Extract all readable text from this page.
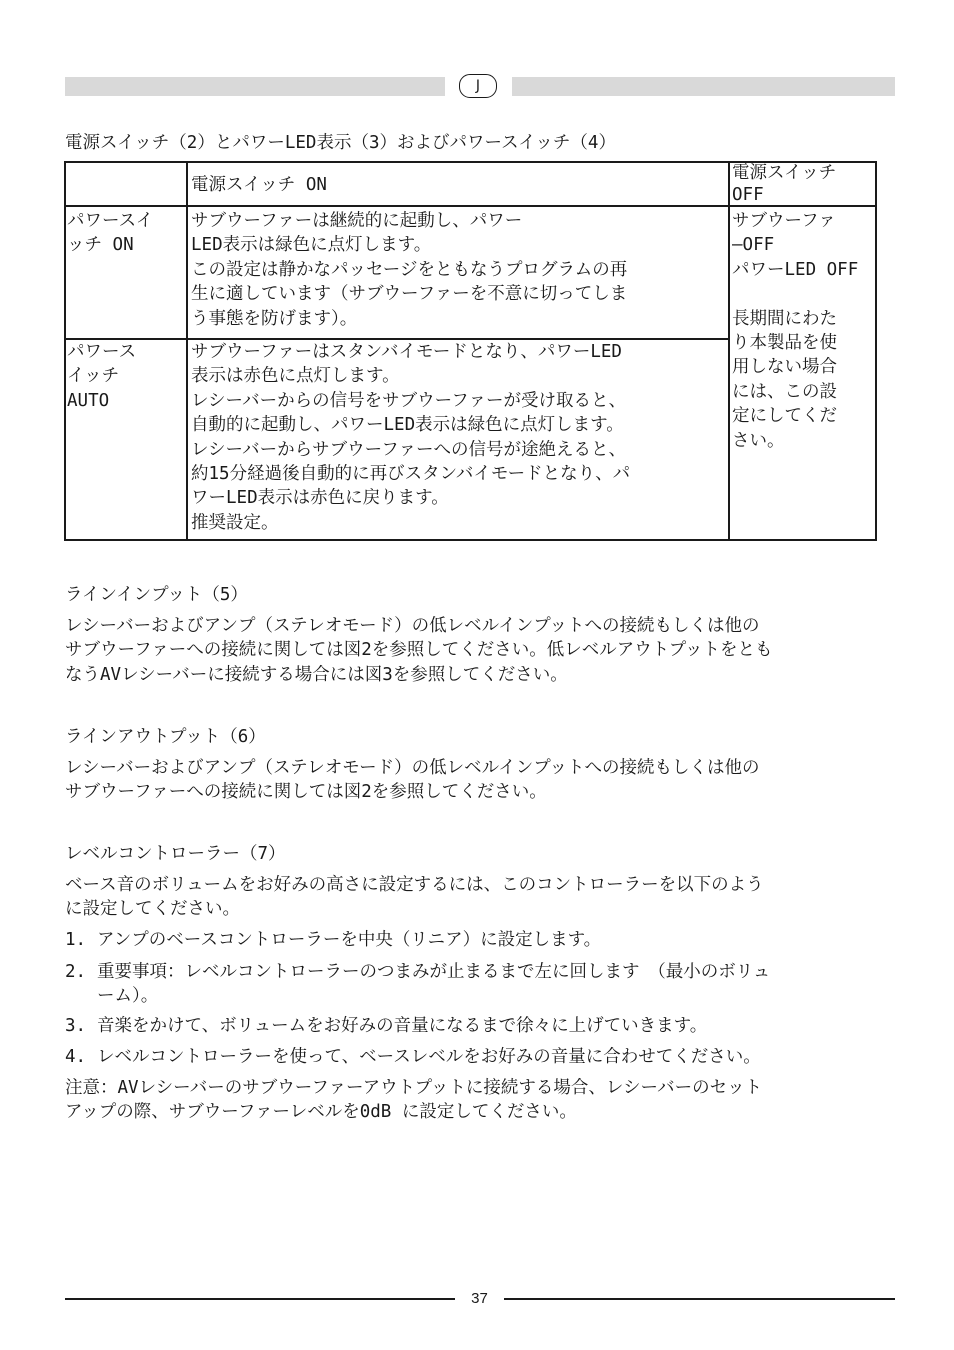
J
電源スイッチ（2）とパワーLED表示（3）およびパワースイッチ（4）
電源スイッチ ON
電源スイッチ
OFF
パワースイ
ッチ ON
サブウーファーは継続的に起動し、パワー
LED表示は緑色に点灯します。
この設定は静かなパッセージをともなうプログラムの再
生に適しています（サブウーファーを不意に切ってしま
う事態を防げます）。
パワース
イッチ
AUTO
サブウーファーはスタンバイモードとなり、パワーLED
表示は赤色に点灯します。
レシーバーからの信号をサブウーファーが受け取ると、
自動的に起動し、パワーLED表示は緑色に点灯します。
レシーバーからサブウーファーへの信号が途絶えると、
約15分経過後自動的に再びスタンバイモードとなり、パ
ワーLED表示は赤色に戻ります。
推奨設定。
サブウーファ
—OFF
パワーLED OFF

長期間にわた
り本製品を使
用しない場合
には、この設
定にしてくだ
さい。
ラインインプット（5）
レシーバーおよびアンプ（ステレオモード）の低レベルインプットへの接続もしくは他の
サブウーファーへの接続に関しては図2を参照してください。低レベルアウトプットをとも
なうAVレシーバーに接続する場合には図3を参照してください。
ラインアウトプット（6）
レシーバーおよびアンプ（ステレオモード）の低レベルインプットへの接続もしくは他の
サブウーファーへの接続に関しては図2を参照してください。
レベルコントローラー（7）
ベース音のボリュームをお好みの高さに設定するには、このコントローラーを以下のよう
に設定してください。
1. アンプのベースコントローラーを中央（リニア）に設定します。
2. 重要事項：レベルコントローラーのつまみが止まるまで左に回します　（最小のボリュ
ーム）。
3. 音楽をかけて、ボリュームをお好みの音量になるまで徐々に上げていきます。
4. レベルコントローラーを使って、ベースレベルをお好みの音量に合わせてください。
注意：AVレシーバーのサブウーファーアウトプットに接続する場合、レシーバーのセット
アップの際、サブウーファーレベルを0dB に設定してください。
37
